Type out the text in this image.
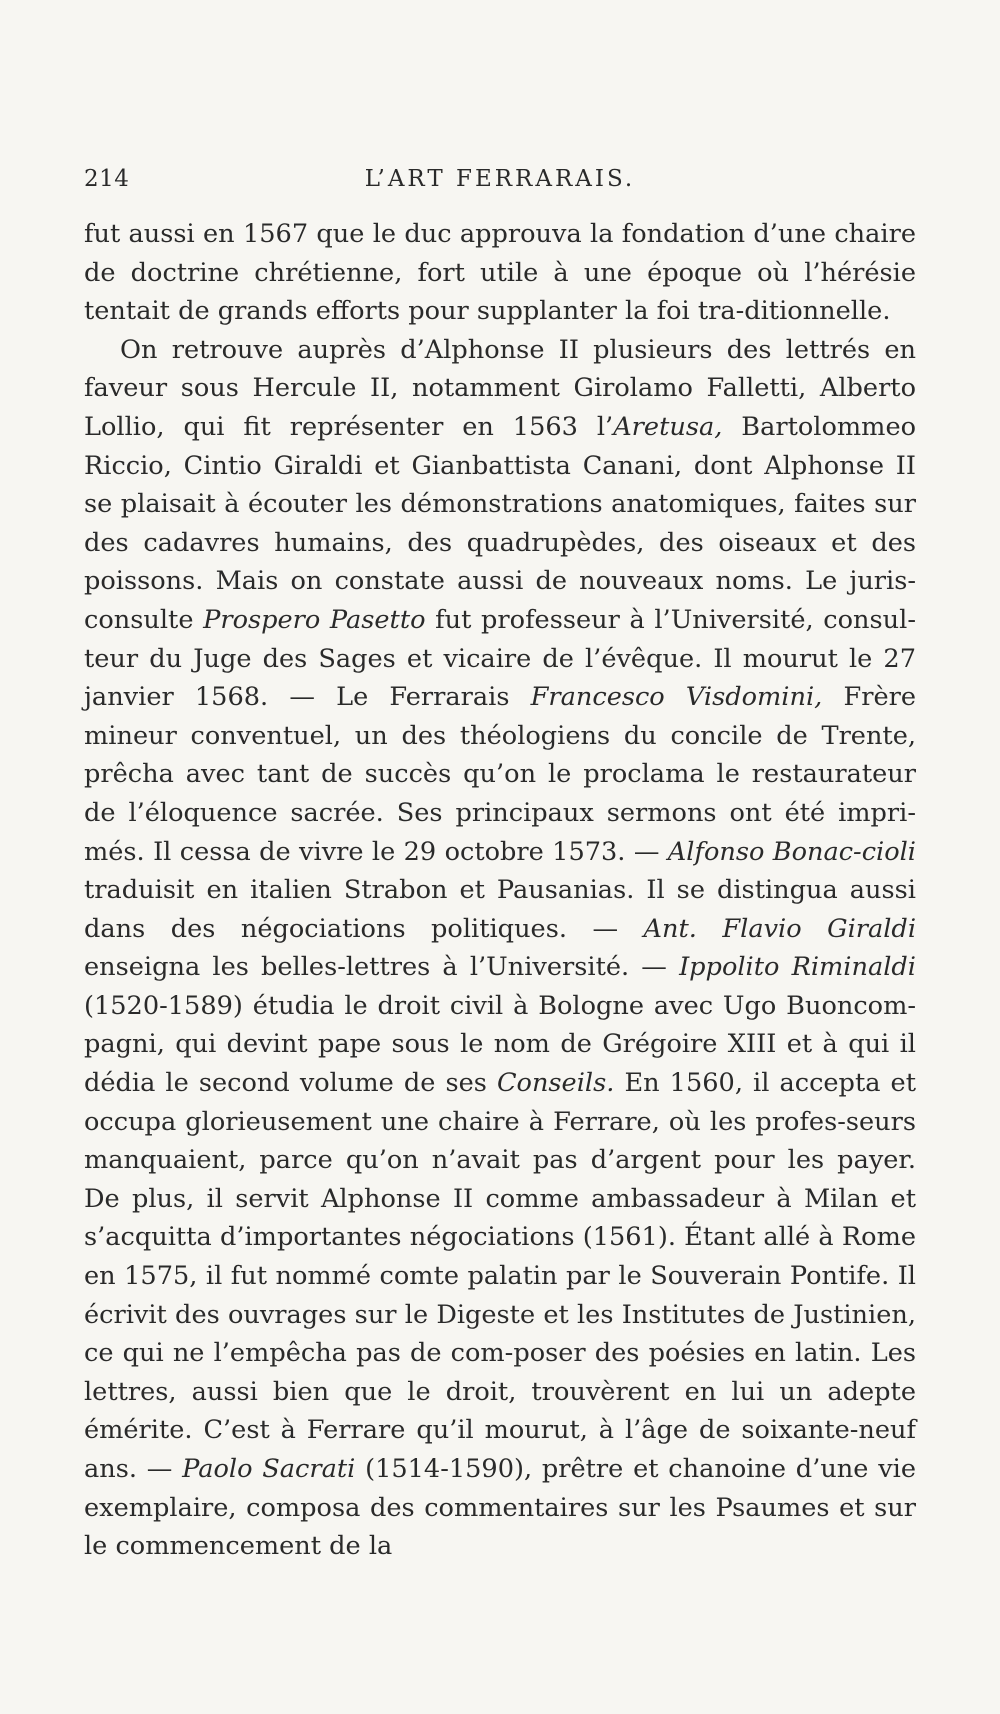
214	L’ART FERRARAIS.

fut aussi en 1567 que le duc approuva la fondation d’une chaire de doctrine chrétienne, fort utile à une époque où l’hérésie tentait de grands efforts pour supplanter la foi tra-ditionnelle.

On retrouve auprès d’Alphonse II plusieurs des lettrés en faveur sous Hercule II, notamment Girolamo Falletti, Alberto Lollio, qui fit représenter en 1563 l’Aretusa, Bartolommeo Riccio, Cintio Giraldi et Gianbattista Canani, dont Alphonse II se plaisait à écouter les démonstrations anatomiques, faites sur des cadavres humains, des quadrupèdes, des oiseaux et des poissons. Mais on constate aussi de nouveaux noms. Le juris-consulte Prospero Pasetto fut professeur à l’Université, consul-teur du Juge des Sages et vicaire de l’évêque. Il mourut le 27 janvier 1568. — Le Ferrarais Francesco Visdomini, Frère mineur conventuel, un des théologiens du concile de Trente, prêcha avec tant de succès qu’on le proclama le restaurateur de l’éloquence sacrée. Ses principaux sermons ont été impri-més. Il cessa de vivre le 29 octobre 1573. — Alfonso Bonac-cioli traduisit en italien Strabon et Pausanias. Il se distingua aussi dans des négociations politiques. — Ant. Flavio Giraldi enseigna les belles-lettres à l’Université. — Ippolito Riminaldi (1520-1589) étudia le droit civil à Bologne avec Ugo Buoncom-pagni, qui devint pape sous le nom de Grégoire XIII et à qui il dédia le second volume de ses Conseils. En 1560, il accepta et occupa glorieusement une chaire à Ferrare, où les profes-seurs manquaient, parce qu’on n’avait pas d’argent pour les payer. De plus, il servit Alphonse II comme ambassadeur à Milan et s’acquitta d’importantes négociations (1561). Étant allé à Rome en 1575, il fut nommé comte palatin par le Souverain Pontife. Il écrivit des ouvrages sur le Digeste et les Institutes de Justinien, ce qui ne l’empêcha pas de com-poser des poésies en latin. Les lettres, aussi bien que le droit, trouvèrent en lui un adepte émérite. C’est à Ferrare qu’il mourut, à l’âge de soixante-neuf ans. — Paolo Sacrati (1514-1590), prêtre et chanoine d’une vie exemplaire, composa des commentaires sur les Psaumes et sur le commencement de la
